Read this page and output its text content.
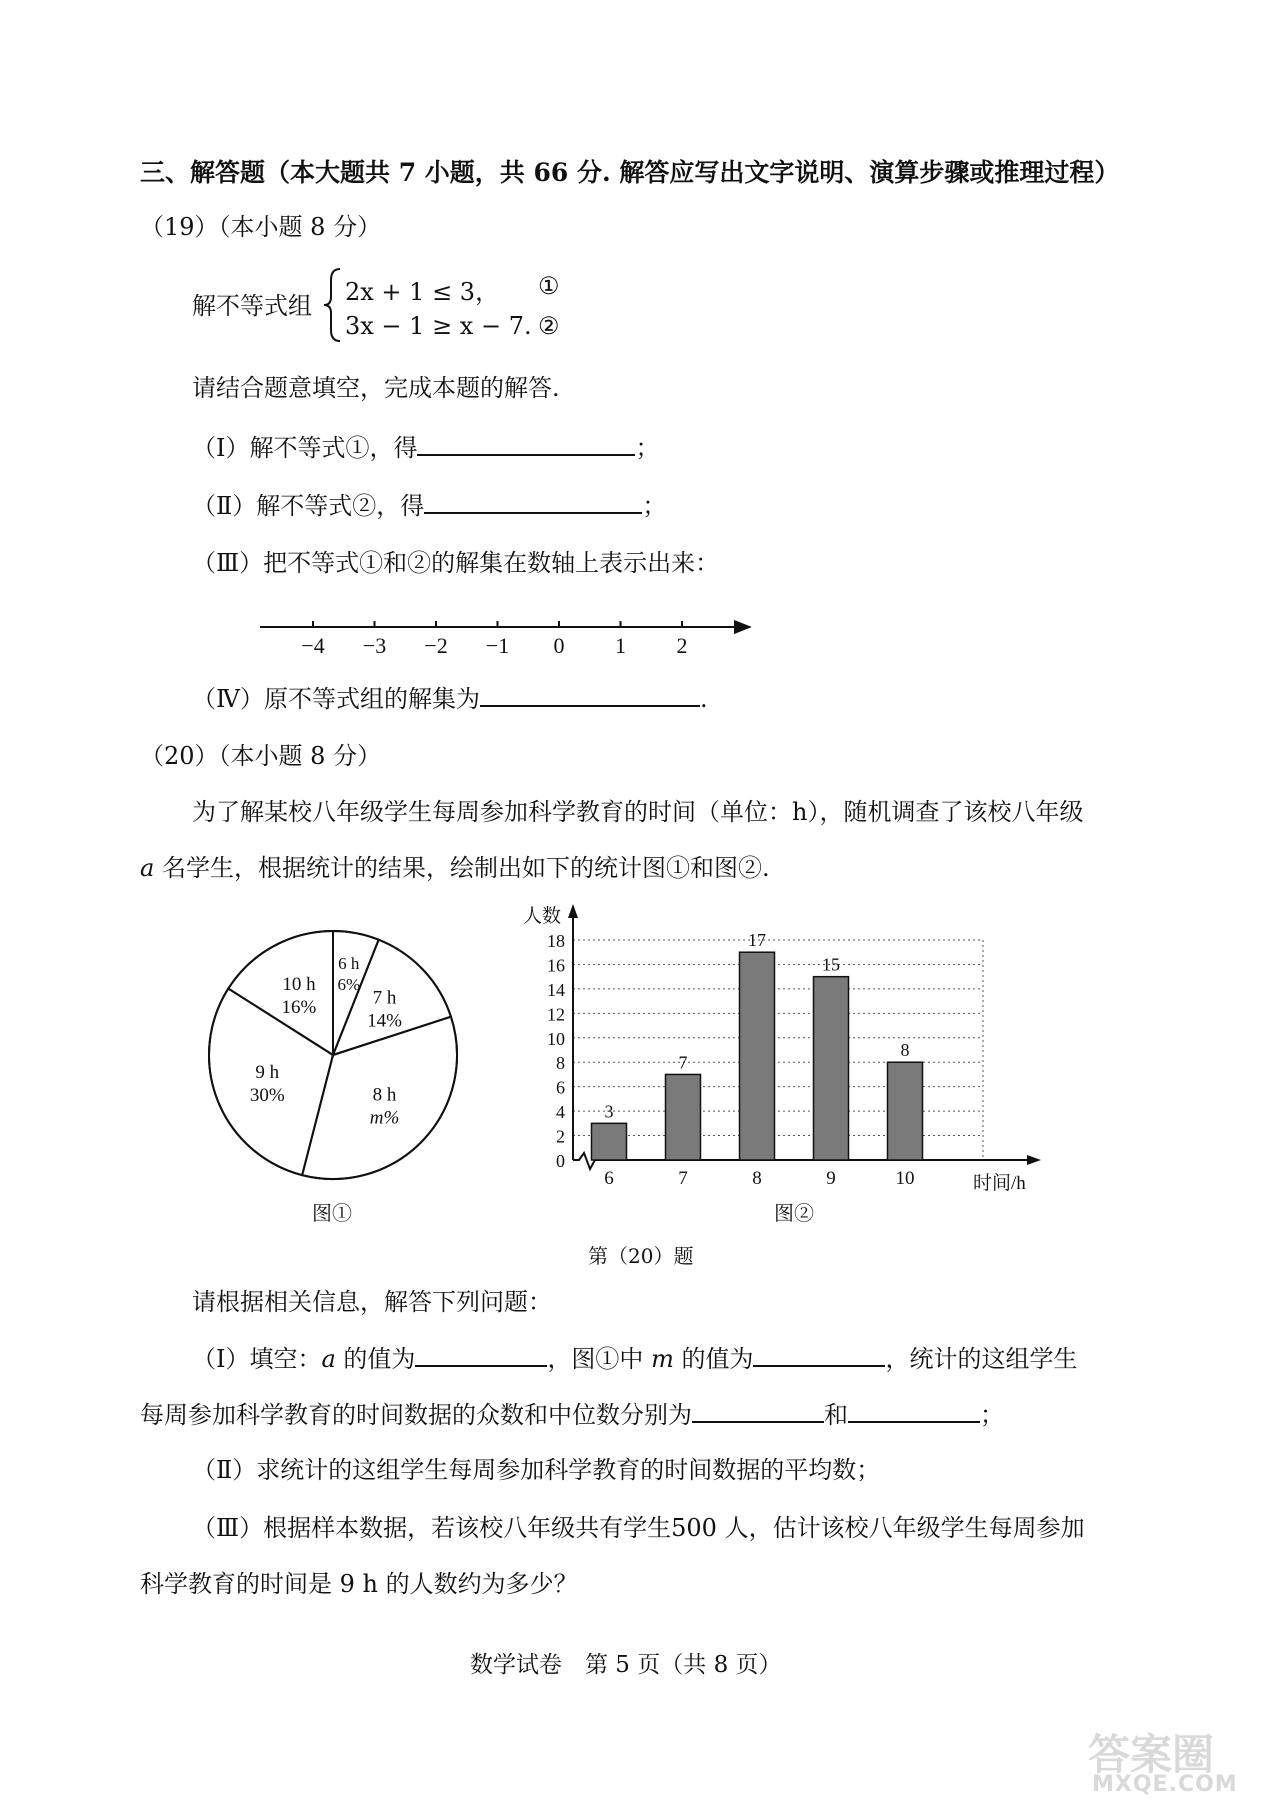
三、解答题（本大题共 7 小题，共 66 分. 解答应写出文字说明、演算步骤或推理过程）
（19）（本小题 8 分）
解不等式组 2x + 1 ≤ 3， ①
3x − 1 ≥ x − 7. ②
请结合题意填空，完成本题的解答.
（Ⅰ）解不等式①，得	；
（Ⅱ）解不等式②，得	；
（Ⅲ）把不等式①和②的解集在数轴上表示出来：
−4 −3 −2 −1 0 1 2
（Ⅳ）原不等式组的解集为	.
（20）（本小题 8 分）
为了解某校八年级学生每周参加科学教育的时间（单位：h），随机调查了该校八年级
a 名学生，根据统计的结果，绘制出如下的统计图①和图②.
6 h
6%
7 h
14%
8 h
m%
9 h
30%
10 h
16%
图①
0
2
4
6
8
10
12
14
16
18
人数
时间/h
3
6
7
7
17
8
15
9
8
10
图②
第（20）题
请根据相关信息，解答下列问题：
（Ⅰ）填空：a 的值为	，图①中 m 的值为	，统计的这组学生
每周参加科学教育的时间数据的众数和中位数分别为	和	；
（Ⅱ）求统计的这组学生每周参加科学教育的时间数据的平均数；
（Ⅲ）根据样本数据，若该校八年级共有学生500 人，估计该校八年级学生每周参加
科学教育的时间是 9 h 的人数约为多少？
数学试卷　第 5 页（共 8 页）
答案圈
MXQE.COM
